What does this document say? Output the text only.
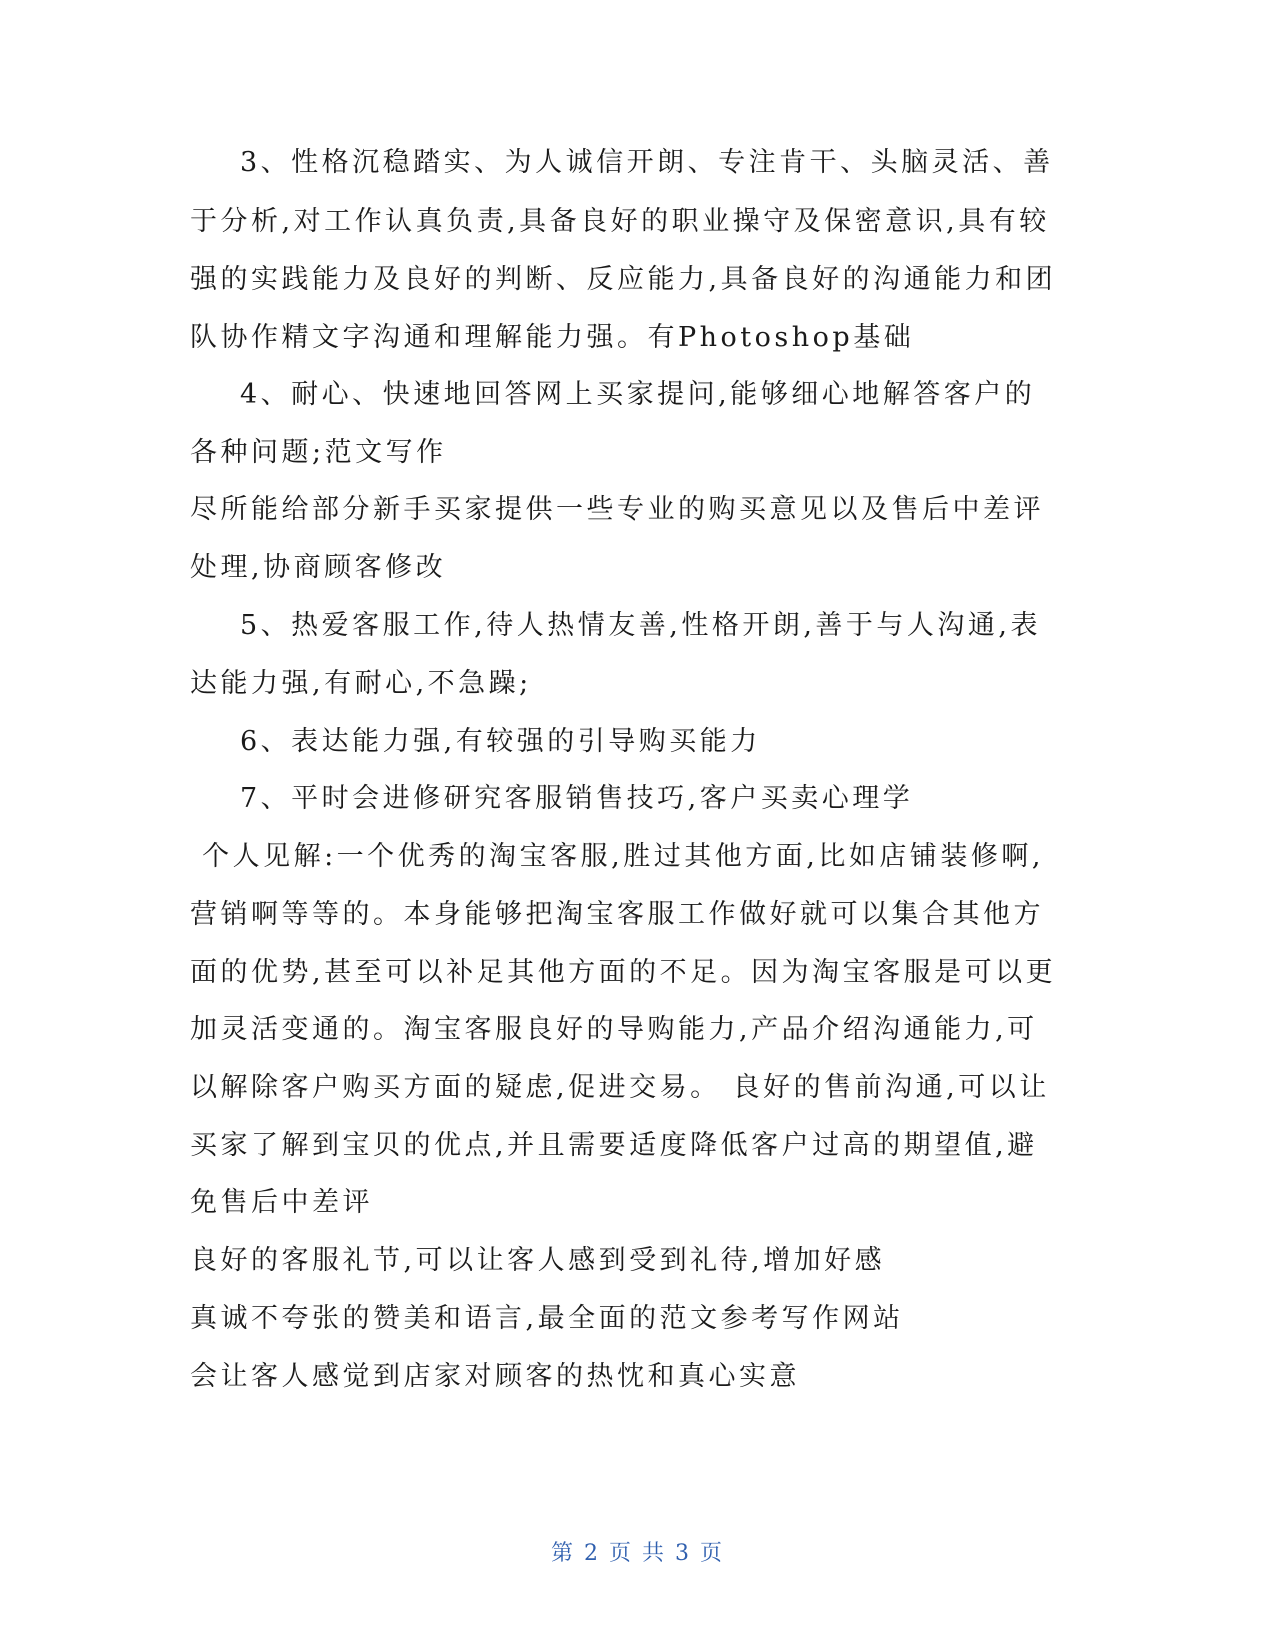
3、性格沉稳踏实、为人诚信开朗、专注肯干、头脑灵活、善

于分析,对工作认真负责,具备良好的职业操守及保密意识,具有较

强的实践能力及良好的判断、反应能力,具备良好的沟通能力和团

队协作精文字沟通和理解能力强。有Photoshop基础

4、耐心、快速地回答网上买家提问,能够细心地解答客户的

各种问题;范文写作

尽所能给部分新手买家提供一些专业的购买意见以及售后中差评

处理,协商顾客修改

5、热爱客服工作,待人热情友善,性格开朗,善于与人沟通,表

达能力强,有耐心,不急躁;

6、表达能力强,有较强的引导购买能力

7、平时会进修研究客服销售技巧,客户买卖心理学

个人见解:一个优秀的淘宝客服,胜过其他方面,比如店铺装修啊,

营销啊等等的。本身能够把淘宝客服工作做好就可以集合其他方

面的优势,甚至可以补足其他方面的不足。因为淘宝客服是可以更

加灵活变通的。淘宝客服良好的导购能力,产品介绍沟通能力,可

以解除客户购买方面的疑虑,促进交易。 良好的售前沟通,可以让

买家了解到宝贝的优点,并且需要适度降低客户过高的期望值,避

免售后中差评

良好的客服礼节,可以让客人感到受到礼待,增加好感

真诚不夸张的赞美和语言,最全面的范文参考写作网站

会让客人感觉到店家对顾客的热忱和真心实意

第 2 页 共 3 页
